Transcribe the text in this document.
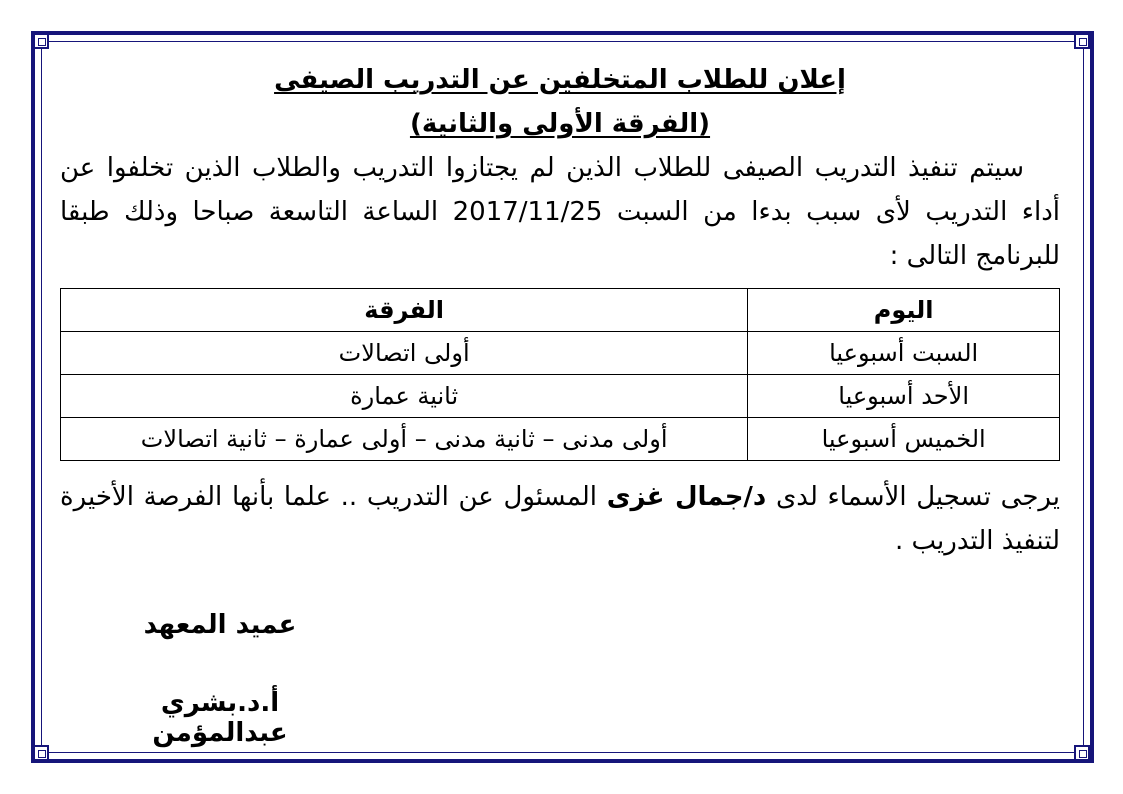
إعلان للطلاب المتخلفين عن التدريب الصيفى
(الفرقة الأولى والثانية)

سيتم تنفيذ التدريب الصيفى للطلاب الذين لم يجتازوا التدريب والطلاب الذين تخلفوا عن أداء التدريب لأى سبب بدءا من السبت 2017/11/25 الساعة التاسعة صباحا وذلك طبقا للبرنامج التالى :

اليوم	الفرقة
السبت أسبوعيا	أولى اتصالات
الأحد أسبوعيا	ثانية عمارة
الخميس أسبوعيا	أولى مدنى – ثانية مدنى – أولى عمارة – ثانية اتصالات

يرجى تسجيل الأسماء لدى د/جمال غزى المسئول عن التدريب .. علما بأنها الفرصة الأخيرة لتنفيذ التدريب .

عميد المعهد
أ.د.بشري عبدالمؤمن
